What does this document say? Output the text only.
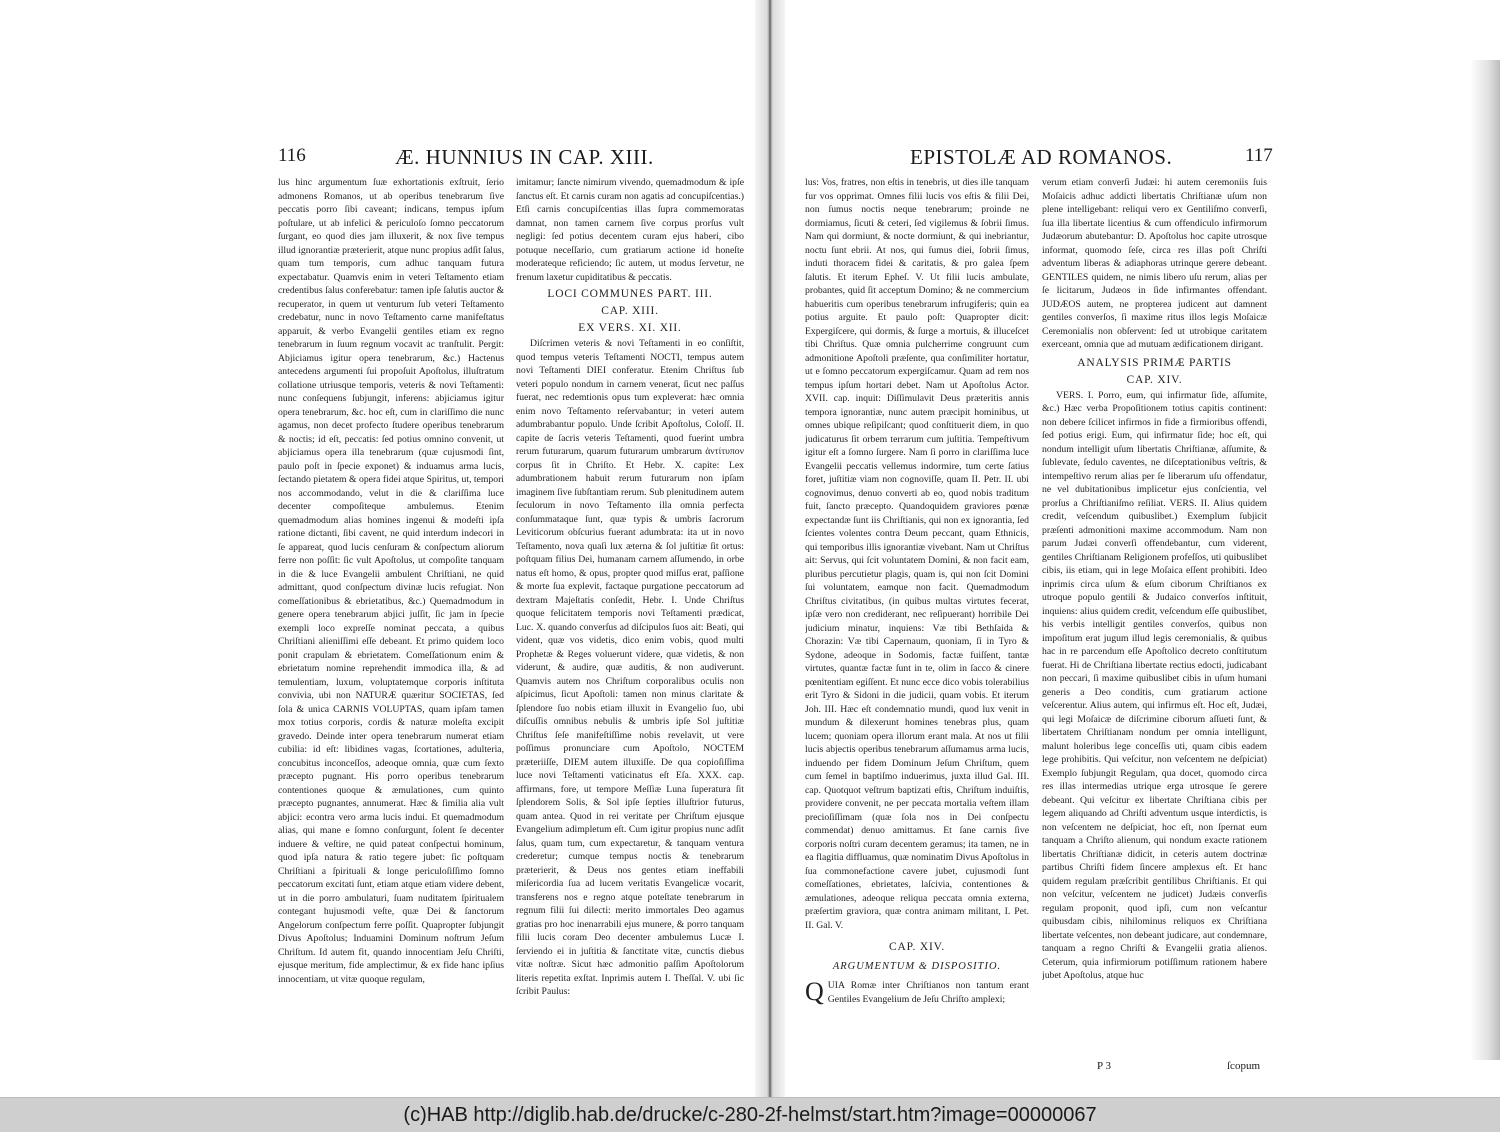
116	Æ. HUNNIUS IN CAP. XIII.

lus hinc argumentum ſuæ exhortationis exſtruit, ſerio admonens Romanos, ut ab operibus tenebrarum ſive peccatis porro ſibi caveant; indicans, tempus ipſum poſtulare, ut ab infelici & periculoſo ſomno peccatorum ſurgant, eo quod dies jam illuxerit, & nox ſive tempus illud ignorantiæ præterierit, atque nunc propius adſit ſalus, quam tum temporis, cum adhuc tanquam futura expectabatur. Quamvis enim in veteri Teſtamento etiam credentibus ſalus conferebatur: tamen ipſe ſalutis auctor & recuperator, in quem ut venturum ſub veteri Teſtamento credebatur, nunc in novo Teſtamento carne manifeſtatus apparuit, & verbo Evangelii gentiles etiam ex regno tenebrarum in ſuum regnum vocavit ac tranſtulit. Pergit: Abjiciamus igitur opera tenebrarum, &c.) Hactenus antecedens argumenti ſui propoſuit Apoſtolus, illuſtratum collatione utriusque temporis, veteris & novi Teſtamenti: nunc conſequens ſubjungit, inferens: abjiciamus igitur opera tenebrarum, &c. hoc eſt, cum in clariſſimo die nunc agamus, non decet profecto ſtudere operibus tenebrarum & noctis; id eſt, peccatis: ſed potius omnino convenit, ut abjiciamus opera illa tenebrarum (quæ cujusmodi ſint, paulo poſt in ſpecie exponet) & induamus arma lucis, ſectando pietatem & opera fidei atque Spiritus, ut, tempori nos accommodando, velut in die & clariſſima luce decenter compoſiteque ambulemus. Etenim quemadmodum alias homines ingenui & modeſti ipſa ratione dictanti, ſibi cavent, ne quid interdum indecori in ſe appareat, quod lucis cenſuram & conſpectum aliorum ferre non poſſit: ſic vult Apoſtolus, ut compoſite tanquam in die & luce Evangelii ambulent Chriſtiani, ne quid admittant, quod conſpectum divinæ lucis refugiat. Non comeſſationibus & ebrietatibus, &c.) Quemadmodum in genere opera tenebrarum abjici juſſit, ſic jam in ſpecie exempli loco expreſſe nominat peccata, a quibus Chriſtiani alieniſſimi eſſe debeant. Et primo quidem loco ponit crapulam & ebrietatem. Comeſſationum enim & ebrietatum nomine reprehendit immodica illa, & ad temulentiam, luxum, voluptatemque corporis inſtituta convivia, ubi non NATURÆ quæritur SOCIETAS, ſed ſola & unica CARNIS VOLUPTAS, quam ipſam tamen mox totius corporis, cordis & naturæ moleſta excipit gravedo. Deinde inter opera tenebrarum numerat etiam cubilia: id eſt: libidines vagas, ſcortationes, adulteria, concubitus inconceſſos, adeoque omnia, quæ cum ſexto præcepto pugnant. His porro operibus tenebrarum contentiones quoque & æmulationes, cum quinto præcepto pugnantes, annumerat. Hæc & ſimilia alia vult abjici: econtra vero arma lucis indui. Et quemadmodum alias, qui mane e ſomno conſurgunt, ſolent ſe decenter induere & veſtire, ne quid pateat conſpectui hominum, quod ipſa natura & ratio tegere jubet: ſic poſtquam Chriſtiani a ſpirituali & longe periculoſiſſimo ſomno peccatorum excitati ſunt, etiam atque etiam videre debent, ut in die porro ambulaturi, ſuam nuditatem ſpiritualem contegant hujusmodi veſte, quæ Dei & ſanctorum Angelorum conſpectum ferre poſſit. Quapropter ſubjungit Divus Apoſtolus; Induamini Dominum noſtrum Jeſum Chriſtum. Id autem fit, quando innocentiam Jeſu Chriſti, ejusque meritum, fide amplectimur, & ex fide hanc ipſius innocentiam, ut vitæ quoque regulam,

imitamur; ſancte nimirum vivendo, quemadmodum & ipſe ſanctus eſt. Et carnis curam non agatis ad concupiſcentias.) Etſi carnis concupiſcentias illas ſupra commemoratas damnat, non tamen carnem ſive corpus prorſus vult negligi: ſed potius decentem curam ejus haberi, cibo potuque neceſſario, cum gratiarum actione id honeſte moderateque reficiendo; ſic autem, ut modus ſervetur, ne frenum laxetur cupiditatibus & peccatis.

LOCI COMMUNES PART. III.
CAP. XIII.
EX VERS. XI. XII.

Diſcrimen veteris & novi Teſtamenti in eo conſiſtit, quod tempus veteris Teſtamenti NOCTI, tempus autem novi Teſtamenti DIEI conferatur. Etenim Chriſtus ſub veteri populo nondum in carnem venerat, ſicut nec paſſus fuerat, nec redemtionis opus tum expleverat: hæc omnia enim novo Teſtamento reſervabantur; in veteri autem adumbrabantur populo. Unde ſcribit Apoſtolus, Coloſſ. II. capite de ſacris veteris Teſtamenti, quod fuerint umbra rerum futurarum, quarum futurarum umbrarum ἀντίτυπον corpus ſit in Chriſto. Et Hebr. X. capite: Lex adumbrationem habuit rerum futurarum non ipſam imaginem ſive ſubſtantiam rerum. Sub plenitudinem autem ſeculorum in novo Teſtamento illa omnia perfecta conſummataque ſunt, quæ typis & umbris ſacrorum Leviticorum obſcurius fuerant adumbrata: ita ut in novo Teſtamento, nova quaſi lux æterna & ſol juſtitiæ ſit ortus: poſtquam filius Dei, humanam carnem aſſumendo, in orbe natus eſt homo, & opus, propter quod miſſus erat, paſſione & morte ſua explevit, factaque purgatione peccatorum ad dextram Majeſtatis conſedit, Hebr. I. Unde Chriſtus quoque felicitatem temporis novi Teſtamenti prædicat, Luc. X. quando converſus ad diſcipulos ſuos ait: Beati, qui vident, quæ vos videtis, dico enim vobis, quod multi Prophetæ & Reges voluerunt videre, quæ videtis, & non viderunt, & audire, quæ auditis, & non audiverunt. Quamvis autem nos Chriſtum corporalibus oculis non aſpicimus, ſicut Apoſtoli: tamen non minus claritate & ſplendore ſuo nobis etiam illuxit in Evangelio ſuo, ubi diſcuſſis omnibus nebulis & umbris ipſe Sol juſtitiæ Chriſtus ſeſe manifeſtiſſime nobis revelavit, ut vere poſſimus pronunciare cum Apoſtolo, NOCTEM præteriiſſe, DIEM autem illuxiſſe. De qua copioſiſſima luce novi Teſtamenti vaticinatus eſt Eſa. XXX. cap. affirmans, fore, ut tempore Meſſiæ Luna ſuperatura ſit ſplendorem Solis, & Sol ipſe ſepties illuſtrior futurus, quam antea. Quod in rei veritate per Chriſtum ejusque Evangelium adimpletum eſt. Cum igitur propius nunc adſit ſalus, quam tum, cum expectaretur, & tanquam ventura crederetur; cumque tempus noctis & tenebrarum præterierit, & Deus nos gentes etiam ineffabili miſericordia ſua ad lucem veritatis Evangelicæ vocarit, transferens nos e regno atque poteſtate tenebrarum in regnum filii ſui dilecti: merito immortales Deo agamus gratias pro hoc inenarrabili ejus munere, & porro tanquam filii lucis coram Deo decenter ambulemus Lucæ I. ſerviendo ei in juſtitia & ſanctitate vitæ, cunctis diebus vitæ noſtræ. Sicut hæc admonitio paſſim Apoſtolorum literis repetita exſtat. Inprimis autem I. Theſſal. V. ubi ſic ſcribit Paulus:

EPISTOLÆ AD ROMANOS.	117

lus: Vos, fratres, non eſtis in tenebris, ut dies ille tanquam fur vos opprimat. Omnes filii lucis vos eſtis & filii Dei, non ſumus noctis neque tenebrarum; proinde ne dormiamus, ſicuti & ceteri, ſed vigilemus & ſobrii ſimus. Nam qui dormiunt, & nocte dormiunt, & qui inebriantur, noctu ſunt ebrii. At nos, qui ſumus diei, ſobrii ſimus, induti thoracem fidei & caritatis, & pro galea ſpem ſalutis. Et iterum Epheſ. V. Ut filii lucis ambulate, probantes, quid ſit acceptum Domino; & ne commercium habueritis cum operibus tenebrarum infrugiferis; quin ea potius arguite. Et paulo poſt: Quapropter dicit: Expergiſcere, qui dormis, & ſurge a mortuis, & illuceſcet tibi Chriſtus. Quæ omnia pulcherrime congruunt cum admonitione Apoſtoli præſente, qua conſimiliter hortatur, ut e ſomno peccatorum expergiſcamur. Quam ad rem nos tempus ipſum hortari debet. Nam ut Apoſtolus Actor. XVII. cap. inquit: Diſſimulavit Deus præteritis annis tempora ignorantiæ, nunc autem præcipit hominibus, ut omnes ubique reſipiſcant; quod conſtituerit diem, in quo judicaturus ſit orbem terrarum cum juſtitia. Tempeſtivum igitur eſt a ſomno ſurgere. Nam ſi porro in clariſſima luce Evangelii peccatis vellemus indormire, tum certe ſatius foret, juſtitiæ viam non cognoviſſe, quam II. Petr. II. ubi cognovimus, denuo converti ab eo, quod nobis traditum fuit, ſancto præcepto. Quandoquidem graviores pœnæ expectandæ ſunt iis Chriſtianis, qui non ex ignorantia, ſed ſcientes volentes contra Deum peccant, quam Ethnicis, qui temporibus illis ignorantiæ vivebant. Nam ut Chriſtus ait: Servus, qui ſcit voluntatem Domini, & non facit eam, pluribus percutietur plagis, quam is, qui non ſcit Domini ſui voluntatem, eamque non facit. Quemadmodum Chriſtus civitatibus, (in quibus multas virtutes fecerat, ipſæ vero non crediderant, nec reſipuerant) horribile Dei judicium minatur, inquiens: Væ tibi Bethſaida & Chorazin: Væ tibi Capernaum, quoniam, ſi in Tyro & Sydone, adeoque in Sodomis, factæ fuiſſent, tantæ virtutes, quantæ factæ ſunt in te, olim in ſacco & cinere pœnitentiam egiſſent. Et nunc ecce dico vobis tolerabilius erit Tyro & Sidoni in die judicii, quam vobis. Et iterum Joh. III. Hæc eſt condemnatio mundi, quod lux venit in mundum & dilexerunt homines tenebras plus, quam lucem; quoniam opera illorum erant mala. At nos ut filii lucis abjectis operibus tenebrarum aſſumamus arma lucis, induendo per fidem Dominum Jeſum Chriſtum, quem cum ſemel in baptiſmo induerimus, juxta illud Gal. III. cap. Quotquot veſtrum baptizati eſtis, Chriſtum induiſtis, providere convenit, ne per peccata mortalia veſtem illam precioſiſſimam (quæ ſola nos in Dei conſpectu commendat) denuo amittamus. Et ſane carnis ſive corporis noſtri curam decentem geramus; ita tamen, ne in ea flagitia diffluamus, quæ nominatim Divus Apoſtolus in ſua commonefactione cavere jubet, cujusmodi ſunt comeſſationes, ebrietates, laſcivia, contentiones & æmulationes, adeoque reliqua peccata omnia externa, præſertim graviora, quæ contra animam militant, I. Pet. II. Gal. V.

CAP. XIV.
ARGUMENTUM & DISPOSITIO.

QUIA Romæ inter Chriſtianos non tantum erant Gentiles Evangelium de Jeſu Chriſto amplexi;

verum etiam converſi Judæi: hi autem ceremoniis ſuis Moſaicis adhuc addicti libertatis Chriſtianæ uſum non plene intelligebant: reliqui vero ex Gentiliſmo converſi, ſua illa libertate licentius & cum offendiculo infirmorum Judæorum abutebantur: D. Apoſtolus hoc capite utrosque informat, quomodo ſeſe, circa res illas poſt Chriſti adventum liberas & adiaphoras utrinque gerere debeant. GENTILES quidem, ne nimis libero uſu rerum, alias per ſe licitarum, Judæos in ſide infirmantes offendant. JUDÆOS autem, ne propterea judicent aut damnent gentiles converſos, ſi maxime ritus illos legis Moſaicæ Ceremonialis non obſervent: ſed ut utrobique caritatem exerceant, omnia que ad mutuam ædificationem dirigant.

ANALYSIS PRIMÆ PARTIS
CAP. XIV.

VERS. I. Porro, eum, qui infirmatur ſide, aſſumite, &c.) Hæc verba Propoſitionem totius capitis continent: non debere ſcilicet infirmos in fide a firmioribus offendi, ſed potius erigi. Eum, qui infirmatur ſide; hoc eſt, qui nondum intelligit uſum libertatis Chriſtianæ, aſſumite, & ſublevate, ſedulo caventes, ne diſceptationibus veſtris, & intempeſtivo rerum alias per ſe liberarum uſu offendatur, ne vel dubitationibus implicetur ejus conſcientia, vel prorſus a Chriſtianiſmo reſiliat. VERS. II. Alius quidem credit, veſcendum quibuslibet.) Exemplum ſubjicit præſenti admonitioni maxime accommodum. Nam non parum Judæi converſi offendebantur, cum viderent, gentiles Chriſtianam Religionem profeſſos, uti quibuslibet cibis, iis etiam, qui in lege Moſaica eſſent prohibiti. Ideo inprimis circa uſum & eſum ciborum Chriſtianos ex utroque populo gentili & Judaico converſos inſtituit, inquiens: alius quidem credit, veſcendum eſſe quibuslibet, his verbis intelligit gentiles converſos, quibus non impoſitum erat jugum illud legis ceremonialis, & quibus hac in re parcendum eſſe Apoſtolico decreto conſtitutum fuerat. Hi de Chriſtiana libertate rectius edocti, judicabant non peccari, ſi maxime quibuslibet cibis in uſum humani generis a Deo conditis, cum gratiarum actione veſcerentur. Alius autem, qui infirmus eſt. Hoc eſt, Judæi, qui legi Moſaicæ de diſcrimine ciborum aſſueti ſunt, & libertatem Chriſtianam nondum per omnia intelligunt, malunt holeribus lege conceſſis uti, quam cibis eadem lege prohibitis. Qui veſcitur, non veſcentem ne deſpiciat) Exemplo ſubjungit Regulam, qua docet, quomodo circa res illas intermedias utrique erga utrosque ſe gerere debeant. Qui veſcitur ex libertate Chriſtiana cibis per legem aliquando ad Chriſti adventum usque interdictis, is non veſcentem ne deſpiciat, hoc eſt, non ſpernat eum tanquam a Chriſto alienum, qui nondum exacte rationem libertatis Chriſtianæ didicit, in ceteris autem doctrinæ partibus Chriſti fidem ſincere amplexus eſt. Et hanc quidem regulam præſcribit gentilibus Chriſtianis. Et qui non veſcitur, veſcentem ne judicet) Judæis converſis regulam proponit, quod ipſi, cum non veſcantur quibusdam cibis, nihilominus reliquos ex Chriſtiana libertate veſcentes, non debeant judicare, aut condemnare, tanquam a regno Chriſti & Evangelii gratia alienos. Ceterum, quia infirmiorum potiſſimum rationem habere jubet Apoſtolus, atque huc

P 3	ſcopum
(c)HAB http://diglib.hab.de/drucke/c-280-2f-helmst/start.htm?image=00000067
